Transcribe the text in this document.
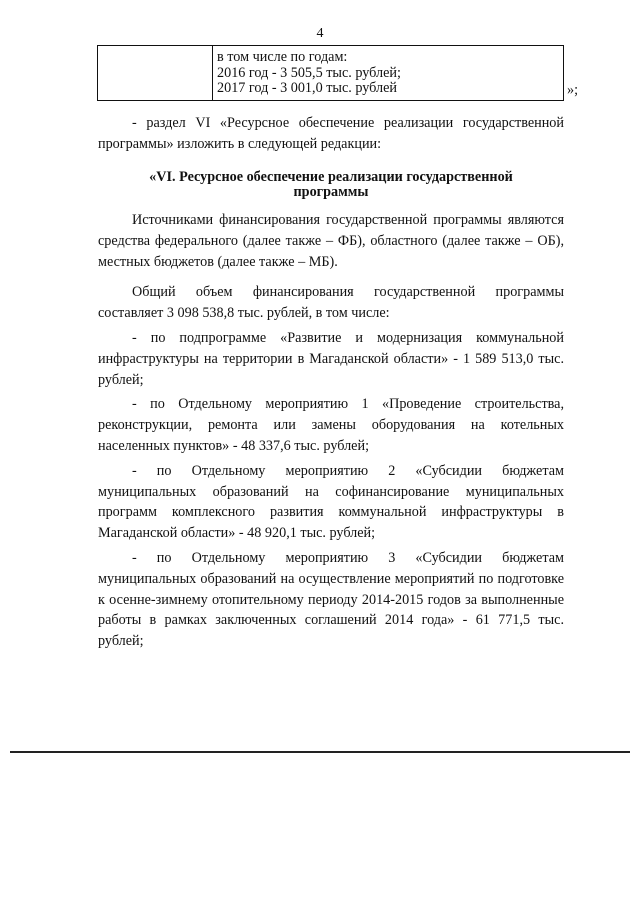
4
в том числе по годам:
2016 год - 3 505,5 тыс. рублей;
2017 год - 3 001,0 тыс. рублей	»;

- раздел VI «Ресурсное обеспечение реализации государственной программы» изложить в следующей редакции:

«VI. Ресурсное обеспечение реализации государственной
программы

Источниками финансирования государственной программы являются средства федерального (далее также – ФБ), областного (далее также – ОБ), местных бюджетов (далее также – МБ).

Общий объем финансирования государственной программы составляет 3 098 538,8 тыс. рублей, в том числе:

- по подпрограмме «Развитие и модернизация коммунальной инфраструктуры на территории в Магаданской области» - 1 589 513,0 тыс. рублей;

- по Отдельному мероприятию 1 «Проведение строительства, реконструкции, ремонта или замены оборудования на котельных населенных пунктов» - 48 337,6 тыс. рублей;

- по Отдельному мероприятию 2 «Субсидии бюджетам муниципальных образований на софинансирование муниципальных программ комплексного развития коммунальной инфраструктуры в Магаданской области» - 48 920,1 тыс. рублей;

- по Отдельному мероприятию 3 «Субсидии бюджетам муниципальных образований на осуществление мероприятий по подготовке к осенне-зимнему отопительному периоду 2014-2015 годов за выполненные работы в рамках заключенных соглашений 2014 года» - 61 771,5 тыс. рублей;
